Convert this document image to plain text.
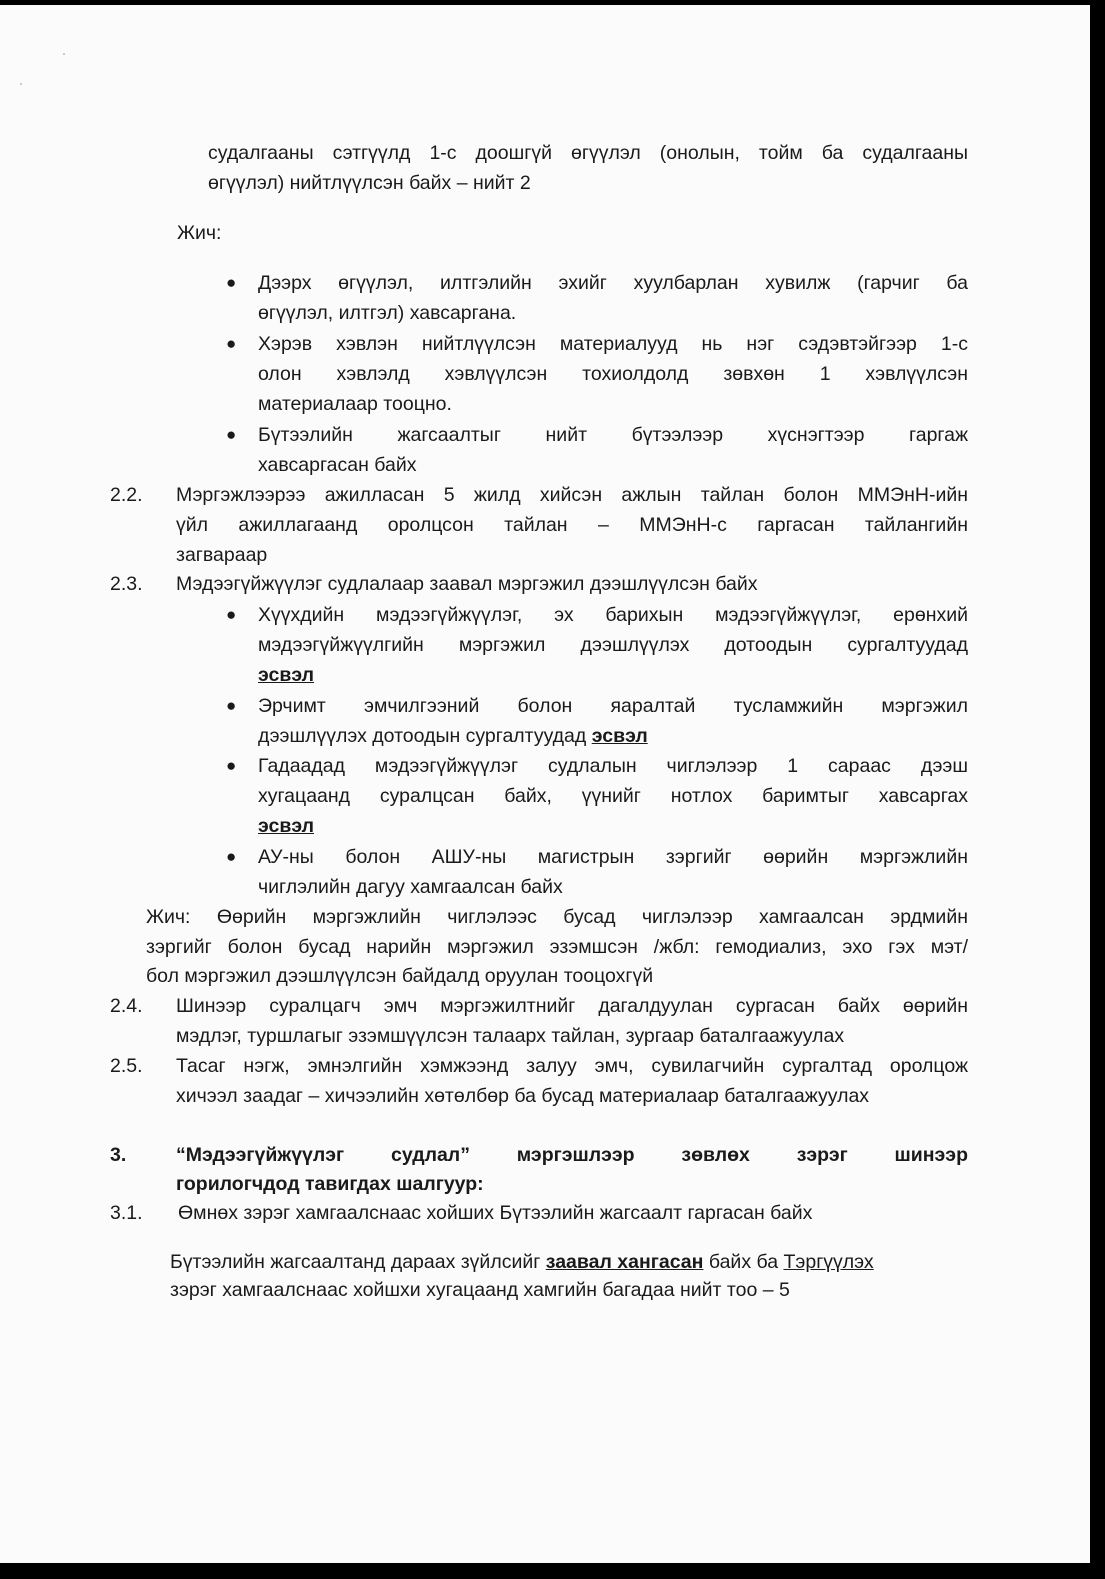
судалгааны сэтгүүлд 1-с доошгүй өгүүлэл (онолын, тойм ба судалгааны
өгүүлэл) нийтлүүлсэн байх – нийт 2
Жич:
● Дээрх өгүүлэл, илтгэлийн эхийг хуулбарлан хувилж (гарчиг ба
өгүүлэл, илтгэл) хавсаргана.
● Хэрэв хэвлэн нийтлүүлсэн материалууд нь нэг сэдэвтэйгээр 1-с
олон хэвлэлд хэвлүүлсэн тохиолдолд зөвхөн 1 хэвлүүлсэн
материалаар тооцно.
● Бүтээлийн жагсаалтыг нийт бүтээлээр хүснэгтээр гаргаж
хавсаргасан байх
2.2. Мэргэжлээрээ ажилласан 5 жилд хийсэн ажлын тайлан болон ММЭнН-ийн
үйл ажиллагаанд оролцсон тайлан – ММЭнН-с гаргасан тайлангийн
загвараар
2.3. Мэдээгүйжүүлэг судлалаар заавал мэргэжил дээшлүүлсэн байх
● Хүүхдийн мэдээгүйжүүлэг, эх барихын мэдээгүйжүүлэг, ерөнхий
мэдээгүйжүүлгийн мэргэжил дээшлүүлэх дотоодын сургалтуудад
эсвэл
● Эрчимт эмчилгээний болон яаралтай тусламжийн мэргэжил
дээшлүүлэх дотоодын сургалтуудад эсвэл
● Гадаадад мэдээгүйжүүлэг судлалын чиглэлээр 1 сараас дээш
хугацаанд суралцсан байх, үүнийг нотлох баримтыг хавсаргах
эсвэл
● АУ-ны болон АШУ-ны магистрын зэргийг өөрийн мэргэжлийн
чиглэлийн дагуу хамгаалсан байх
Жич: Өөрийн мэргэжлийн чиглэлээс бусад чиглэлээр хамгаалсан эрдмийн
зэргийг болон бусад нарийн мэргэжил эзэмшсэн /жбл: гемодиализ, эхо гэх мэт/
бол мэргэжил дээшлүүлсэн байдалд оруулан тооцохгүй
2.4. Шинээр суралцагч эмч мэргэжилтнийг дагалдуулан сургасан байх өөрийн
мэдлэг, туршлагыг эзэмшүүлсэн талаарх тайлан, зургаар баталгаажуулах
2.5. Тасаг нэгж, эмнэлгийн хэмжээнд залуу эмч, сувилагчийн сургалтад оролцож
хичээл заадаг – хичээлийн хөтөлбөр ба бусад материалаар баталгаажуулах
3.	“Мэдээгүйжүүлэг судлал” мэргэшлээр зөвлөх зэрэг шинээр
горилогчдод тавигдах шалгуур:
3.1. Өмнөх зэрэг хамгаалснаас хойших Бүтээлийн жагсаалт гаргасан байх
Бүтээлийн жагсаалтанд дараах зүйлсийг заавал хангасан байх ба Тэргүүлэх
зэрэг хамгаалснаас хойшхи хугацаанд хамгийн багадаа нийт тоо – 5
